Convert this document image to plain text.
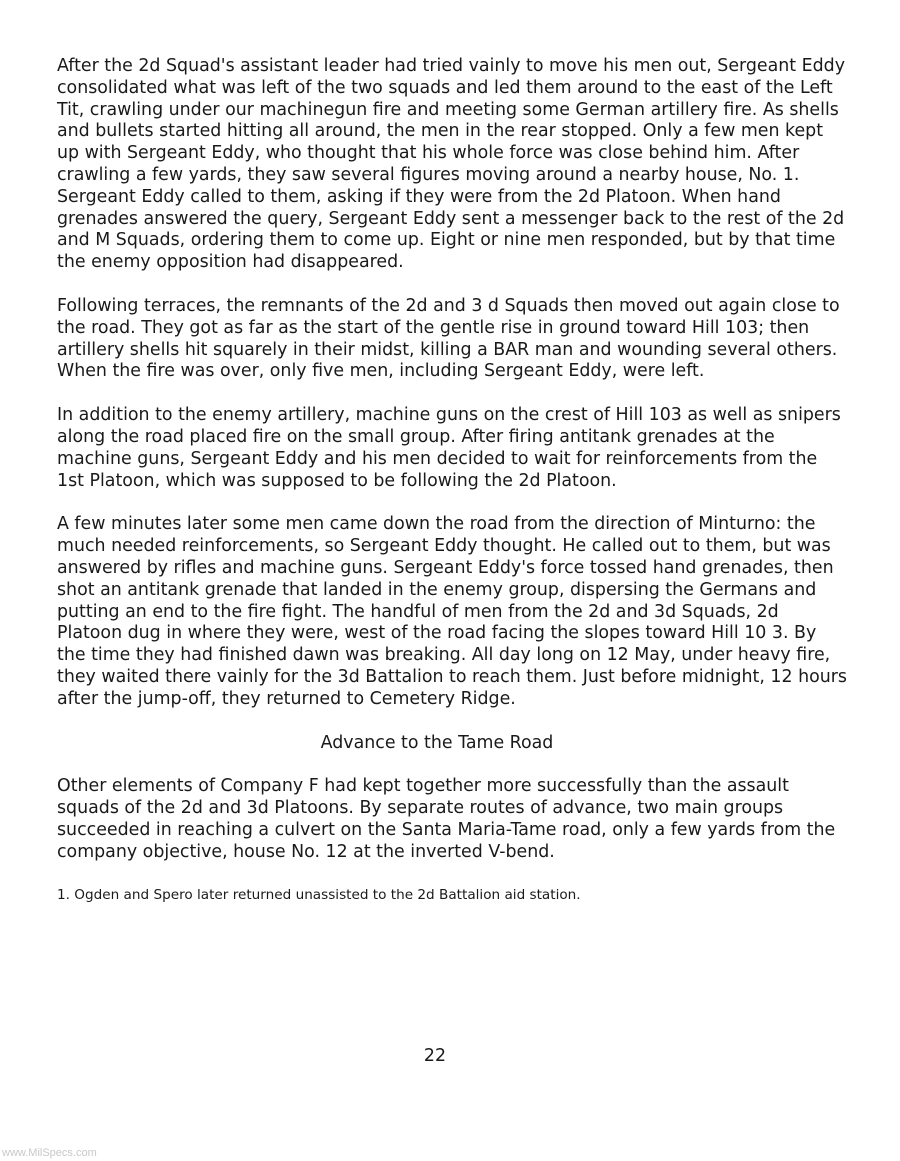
After the 2d Squad's assistant leader had tried vainly to move his men out, Sergeant Eddy consolidated what was left of the two squads and led them around to the east of the Left Tit, crawling under our machinegun fire and meeting some German artillery fire. As shells and bullets started hitting all around, the men in the rear stopped. Only a few men kept up with Sergeant Eddy, who thought that his whole force was close behind him. After crawling a few yards, they saw several figures moving around a nearby house, No. 1. Sergeant Eddy called to them, asking if they were from the 2d Platoon. When hand grenades answered the query, Sergeant Eddy sent a messenger back to the rest of the 2d and M Squads, ordering them to come up. Eight or nine men responded, but by that time the enemy opposition had disappeared.

Following terraces, the remnants of the 2d and 3 d Squads then moved out again close to the road. They got as far as the start of the gentle rise in ground toward Hill 103; then artillery shells hit squarely in their midst, killing a BAR man and wounding several others. When the fire was over, only five men, including Sergeant Eddy, were left.

In addition to the enemy artillery, machine guns on the crest of Hill 103 as well as snipers along the road placed fire on the small group. After firing antitank grenades at the machine guns, Sergeant Eddy and his men decided to wait for reinforcements from the 1st Platoon, which was supposed to be following the 2d Platoon.

A few minutes later some men came down the road from the direction of Minturno: the much needed reinforcements, so Sergeant Eddy thought. He called out to them, but was answered by rifles and machine guns. Sergeant Eddy's force tossed hand grenades, then shot an antitank grenade that landed in the enemy group, dispersing the Germans and putting an end to the fire fight. The handful of men from the 2d and 3d Squads, 2d Platoon dug in where they were, west of the road facing the slopes toward Hill 10 3. By the time they had finished dawn was breaking. All day long on 12 May, under heavy fire, they waited there vainly for the 3d Battalion to reach them. Just before midnight, 12 hours after the jump-off, they returned to Cemetery Ridge.

Advance to the Tame Road

Other elements of Company F had kept together more successfully than the assault squads of the 2d and 3d Platoons. By separate routes of advance, two main groups succeeded in reaching a culvert on the Santa Maria-Tame road, only a few yards from the company objective, house No. 12 at the inverted V-bend.

1. Ogden and Spero later returned unassisted to the 2d Battalion aid station.
22
www.MilSpecs.com
